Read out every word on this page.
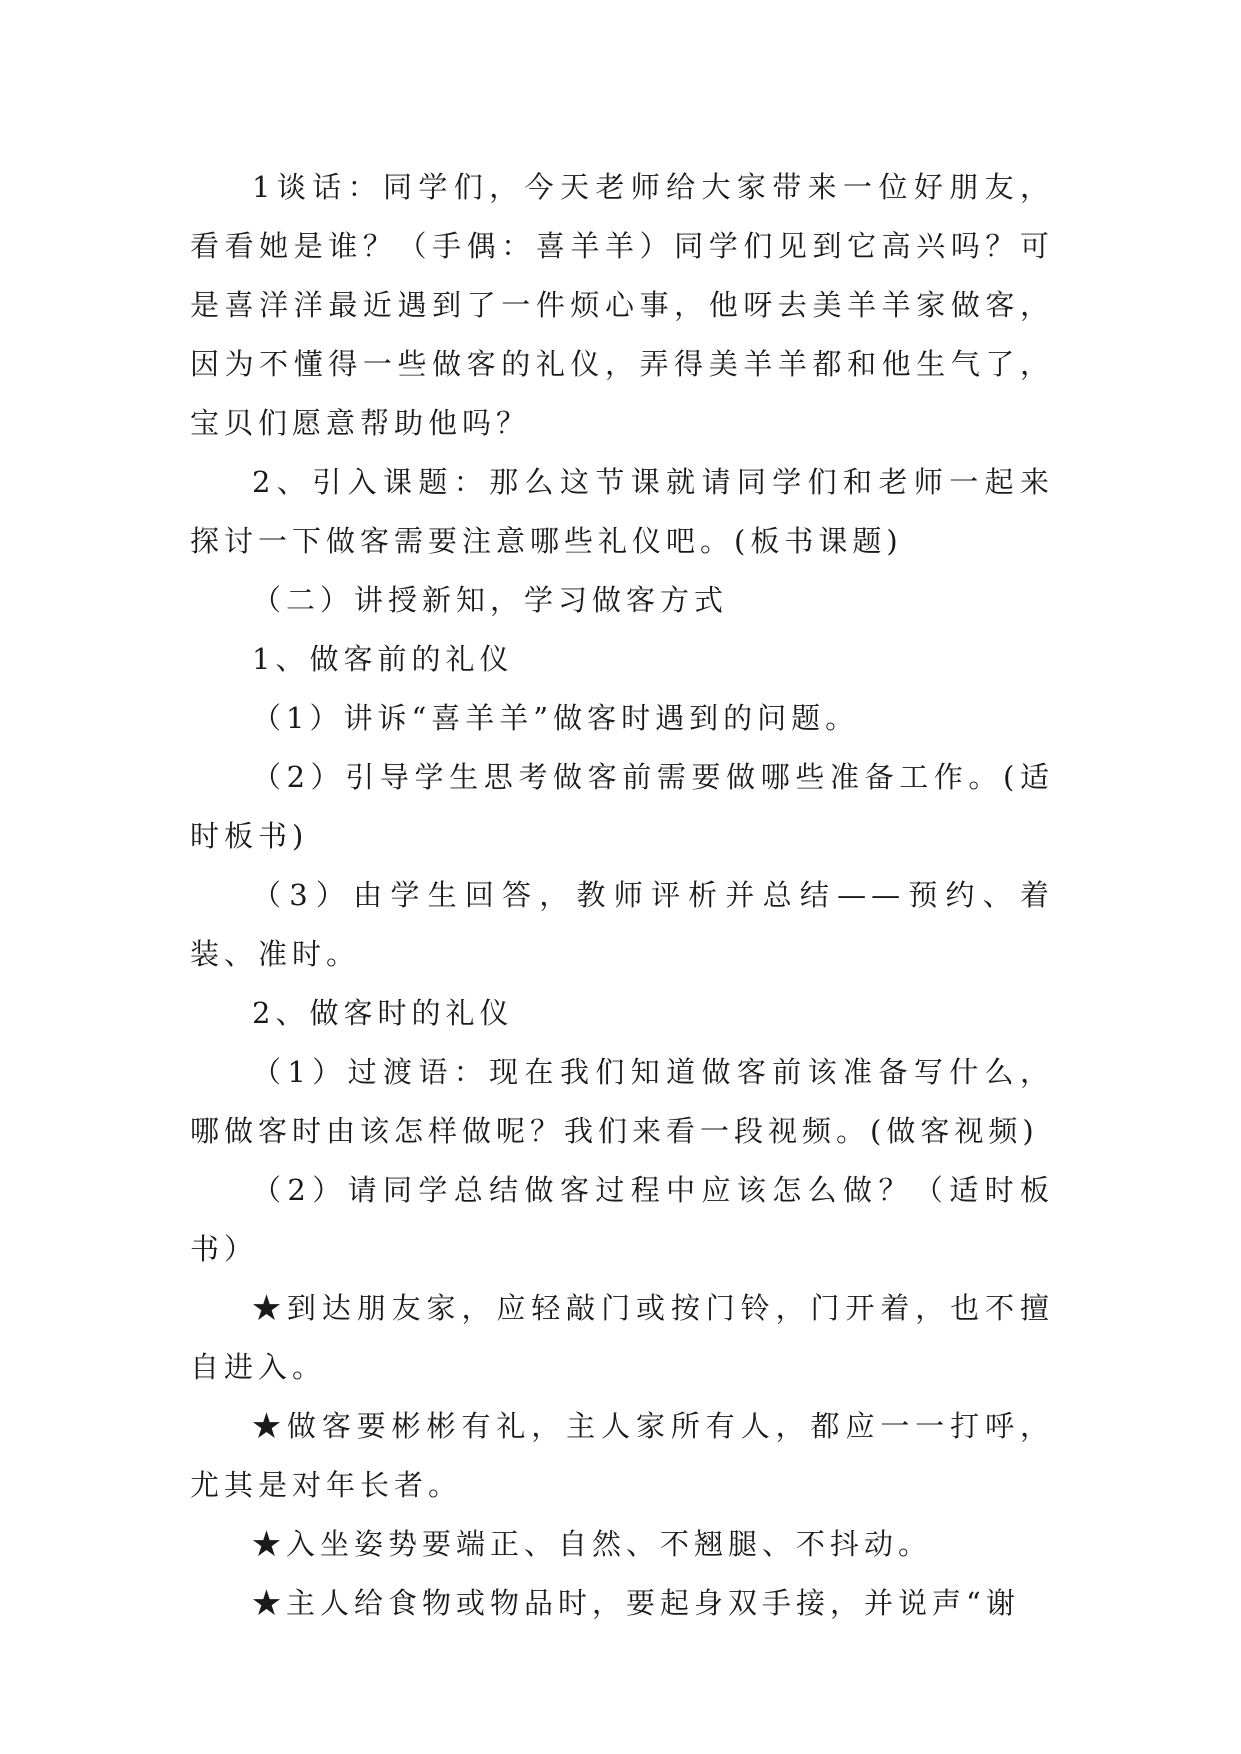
1谈话：同学们，今天老师给大家带来一位好朋友，看看她是谁？（手偶：喜羊羊）同学们见到它高兴吗？可是喜洋洋最近遇到了一件烦心事，他呀去美羊羊家做客，因为不懂得一些做客的礼仪，弄得美羊羊都和他生气了，宝贝们愿意帮助他吗？

2、引入课题：那么这节课就请同学们和老师一起来探讨一下做客需要注意哪些礼仪吧。(板书课题)

（二）讲授新知，学习做客方式

1、做客前的礼仪

（1）讲诉“喜羊羊”做客时遇到的问题。

（2）引导学生思考做客前需要做哪些准备工作。(适时板书)

（3）由学生回答，教师评析并总结——预约、着装、准时。

2、做客时的礼仪

（1）过渡语：现在我们知道做客前该准备写什么，哪做客时由该怎样做呢？我们来看一段视频。(做客视频)

（2）请同学总结做客过程中应该怎么做？（适时板书）

★到达朋友家，应轻敲门或按门铃，门开着，也不擅自进入。

★做客要彬彬有礼，主人家所有人，都应一一打呼，尤其是对年长者。

★入坐姿势要端正、自然、不翘腿、不抖动。

★主人给食物或物品时，要起身双手接，并说声“谢
